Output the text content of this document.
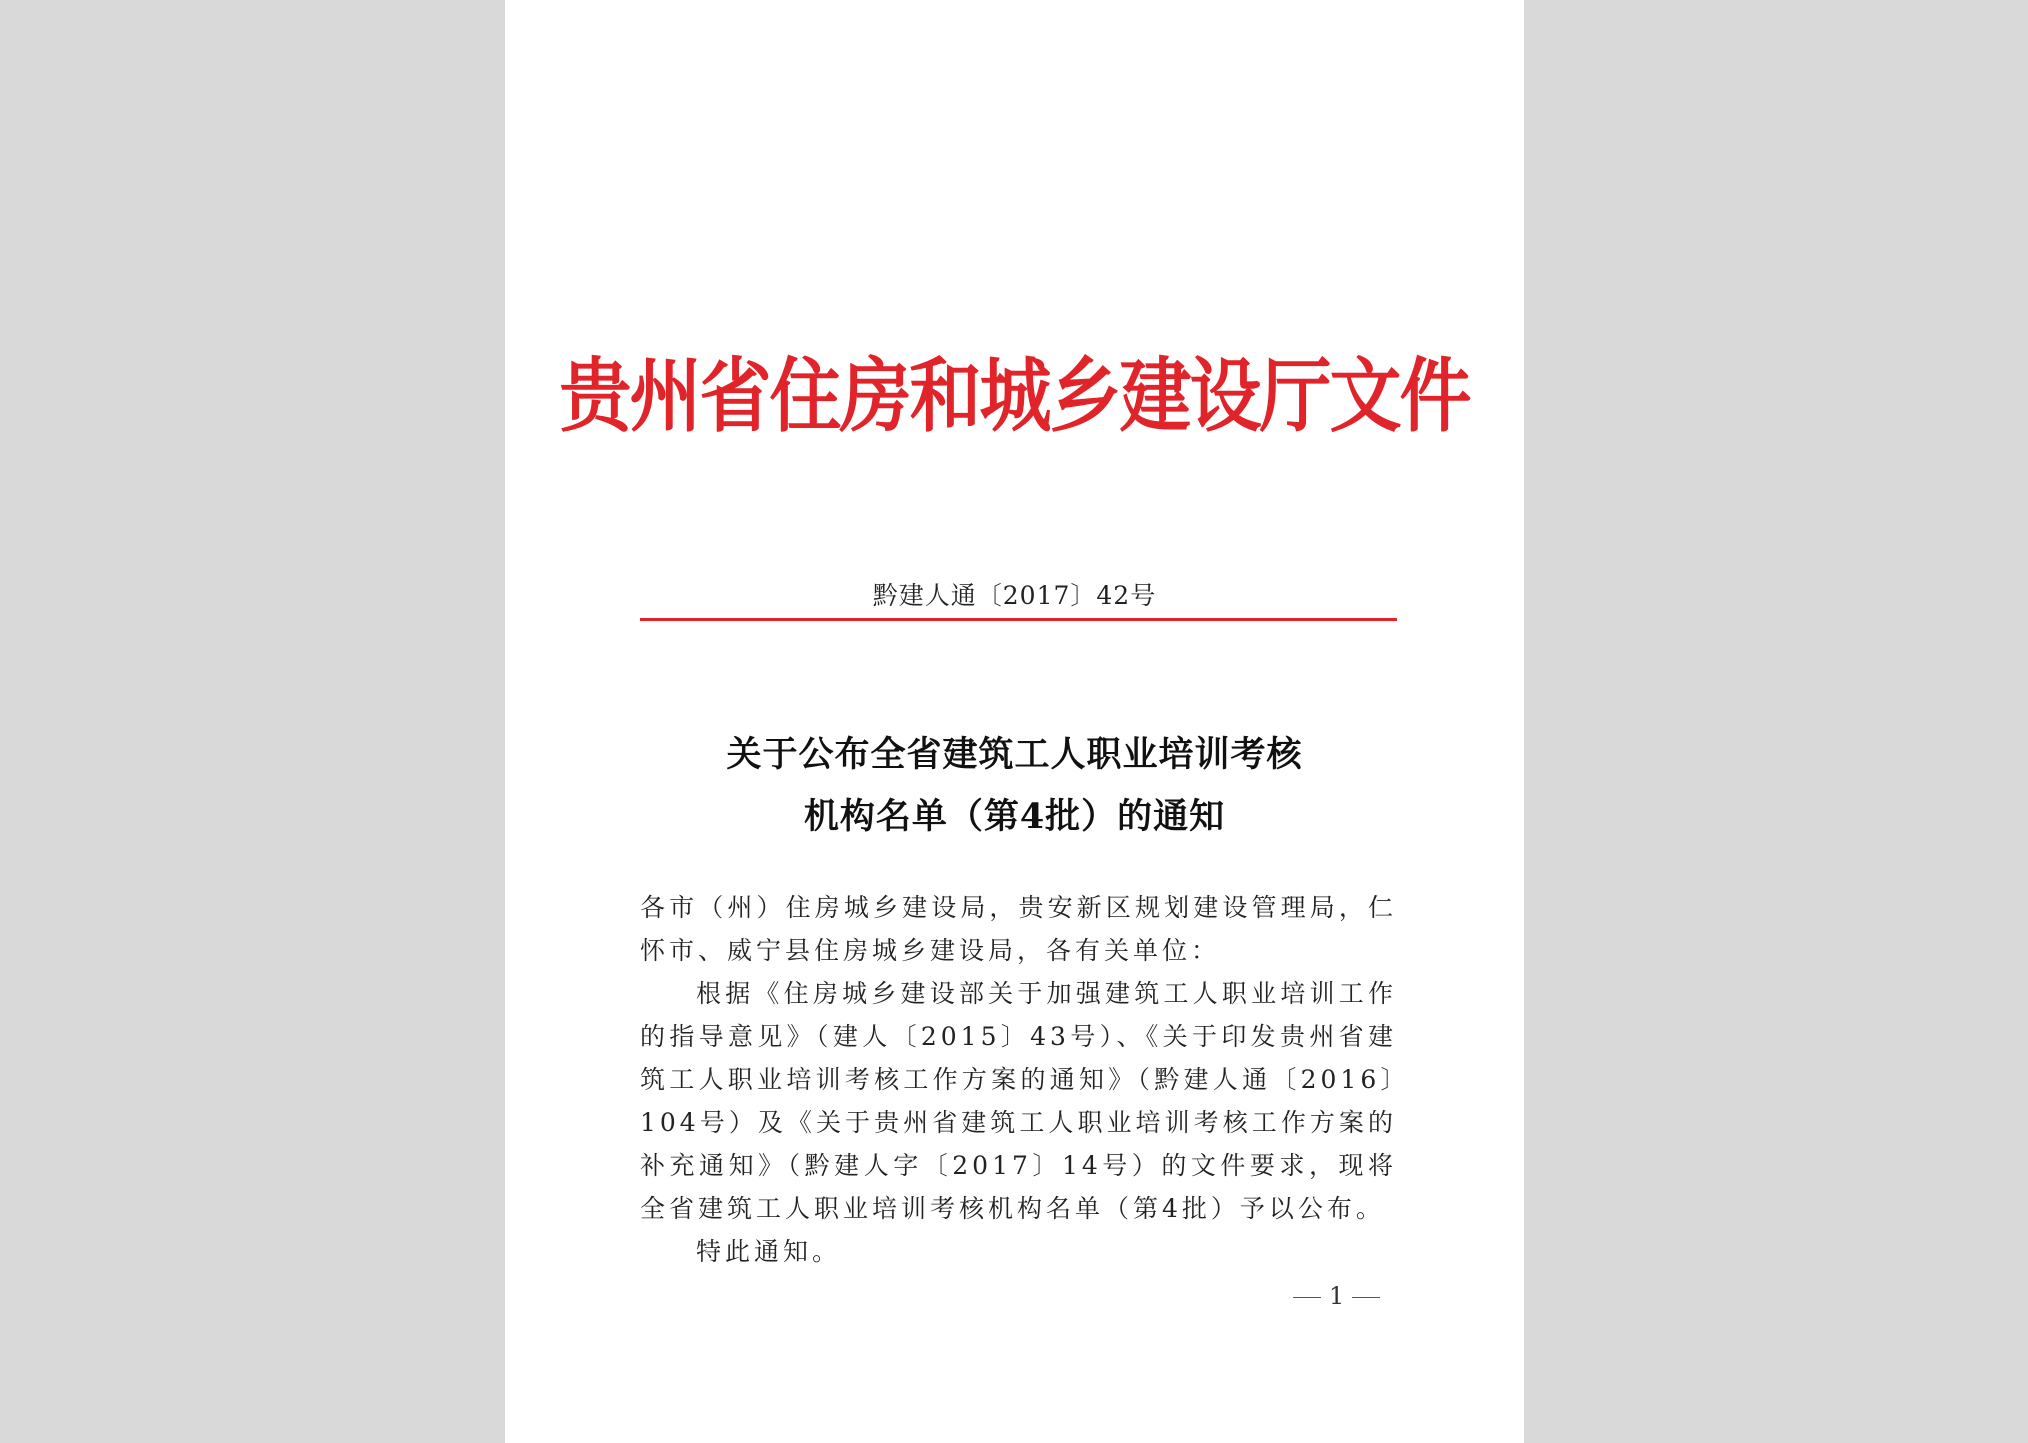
贵州省住房和城乡建设厅文件
黔建人通〔2017〕42号
关于公布全省建筑工人职业培训考核
机构名单（第4批）的通知

各市（州）住房城乡建设局，贵安新区规划建设管理局，仁怀市、威宁县住房城乡建设局，各有关单位：

根据《住房城乡建设部关于加强建筑工人职业培训工作的指导意见》（建人〔2015〕43号）、《关于印发贵州省建筑工人职业培训考核工作方案的通知》（黔建人通〔2016〕104号）及《关于贵州省建筑工人职业培训考核工作方案的补充通知》（黔建人字〔2017〕14号）的文件要求，现将全省建筑工人职业培训考核机构名单（第4批）予以公布。

特此通知。

1
